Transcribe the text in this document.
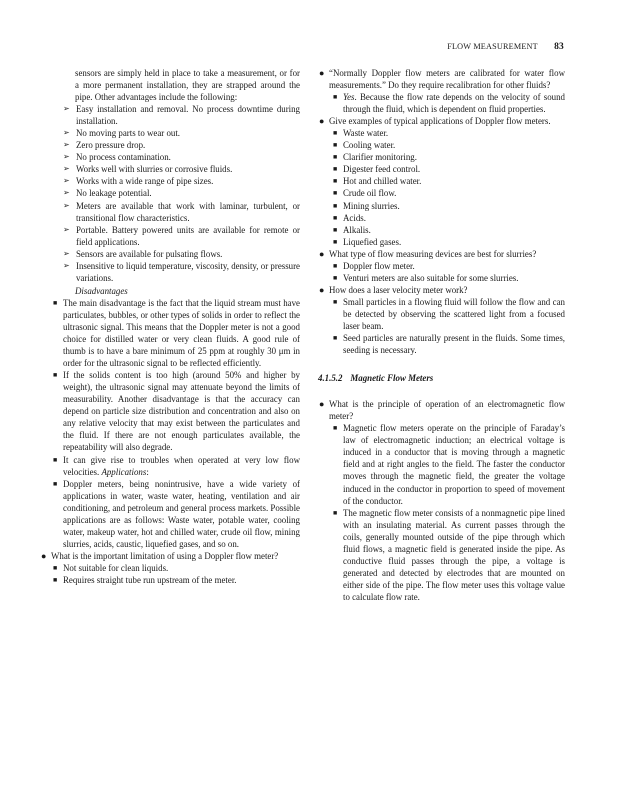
FLOW MEASUREMENT 83

sensors are simply held in place to take a measurement, or for a more permanent installation, they are strapped around the pipe. Other advantages include the following:

➢ Easy installation and removal. No process downtime during installation.

➢ No moving parts to wear out.

➢ Zero pressure drop.

➢ No process contamination.

➢ Works well with slurries or corrosive fluids.

➢ Works with a wide range of pipe sizes.

➢ No leakage potential.

➢ Meters are available that work with laminar, turbulent, or transitional flow characteristics.

➢ Portable. Battery powered units are available for remote or field applications.

➢ Sensors are available for pulsating flows.

➢ Insensitive to liquid temperature, viscosity, density, or pressure variations.

Disadvantages

■ The main disadvantage is the fact that the liquid stream must have particulates, bubbles, or other types of solids in order to reflect the ultrasonic signal. This means that the Doppler meter is not a good choice for distilled water or very clean fluids. A good rule of thumb is to have a bare minimum of 25 ppm at roughly 30 μm in order for the ultrasonic signal to be reflected efficiently.

■ If the solids content is too high (around 50% and higher by weight), the ultrasonic signal may attenuate beyond the limits of measurability. Another disadvantage is that the accuracy can depend on particle size distribution and concentration and also on any relative velocity that may exist between the particulates and the fluid. If there are not enough particulates available, the repeatability will also degrade.

■ It can give rise to troubles when operated at very low flow velocities. Applications:

■ Doppler meters, being nonintrusive, have a wide variety of applications in water, waste water, heating, ventilation and air conditioning, and petroleum and general process markets. Possible applications are as follows: Waste water, potable water, cooling water, makeup water, hot and chilled water, crude oil flow, mining slurries, acids, caustic, liquefied gases, and so on.

● What is the important limitation of using a Doppler flow meter?

■ Not suitable for clean liquids.

■ Requires straight tube run upstream of the meter.

● “Normally Doppler flow meters are calibrated for water flow measurements.” Do they require recalibration for other fluids?

■ Yes. Because the flow rate depends on the velocity of sound through the fluid, which is dependent on fluid properties.

● Give examples of typical applications of Doppler flow meters.

■ Waste water.

■ Cooling water.

■ Clarifier monitoring.

■ Digester feed control.

■ Hot and chilled water.

■ Crude oil flow.

■ Mining slurries.

■ Acids.

■ Alkalis.

■ Liquefied gases.

● What type of flow measuring devices are best for slurries?

■ Doppler flow meter.

■ Venturi meters are also suitable for some slurries.

● How does a laser velocity meter work?

■ Small particles in a flowing fluid will follow the flow and can be detected by observing the scattered light from a focused laser beam.

■ Seed particles are naturally present in the fluids. Some times, seeding is necessary.

4.1.5.2 Magnetic Flow Meters

● What is the principle of operation of an electromagnetic flow meter?

■ Magnetic flow meters operate on the principle of Faraday’s law of electromagnetic induction; an electrical voltage is induced in a conductor that is moving through a magnetic field and at right angles to the field. The faster the conductor moves through the magnetic field, the greater the voltage induced in the conductor in proportion to speed of movement of the conductor.

■ The magnetic flow meter consists of a nonmagnetic pipe lined with an insulating material. As current passes through the coils, generally mounted outside of the pipe through which fluid flows, a magnetic field is generated inside the pipe. As conductive fluid passes through the pipe, a voltage is generated and detected by electrodes that are mounted on either side of the pipe. The flow meter uses this voltage value to calculate flow rate.
